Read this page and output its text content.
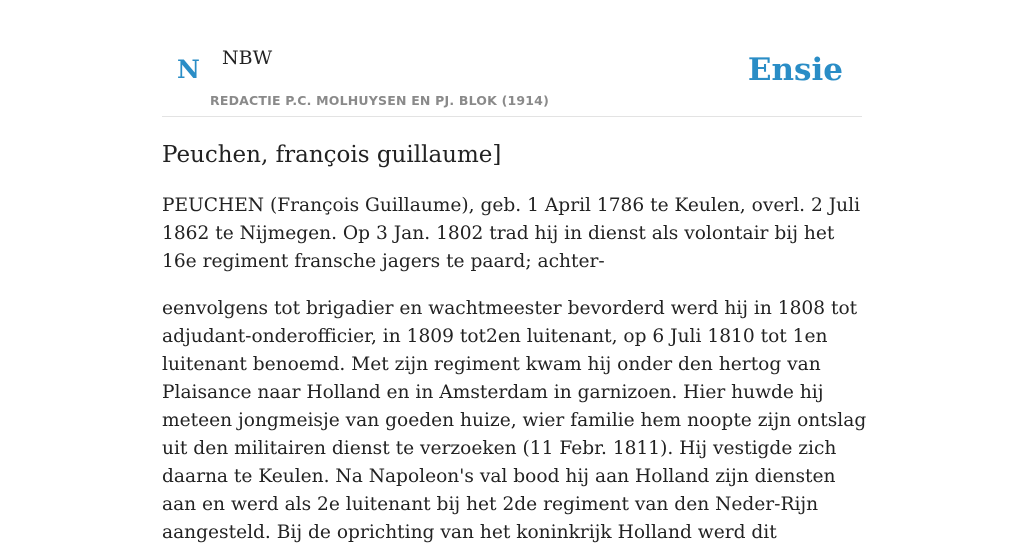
N NBW
REDACTIE P.C. MOLHUYSEN EN PJ. BLOK (1914)
Ensie
Peuchen, françois guillaume]

PEUCHEN (François Guillaume), geb. 1 April 1786 te Keulen, overl. 2 Juli 1862 te Nijmegen. Op 3 Jan. 1802 trad hij in dienst als volontair bij het 16e regiment fransche jagers te paard; achter-

eenvolgens tot brigadier en wachtmeester bevorderd werd hij in 1808 tot adjudant-onderofficier, in 1809 tot2en luitenant, op 6 Juli 1810 tot 1en luitenant benoemd. Met zijn regiment kwam hij onder den hertog van Plaisance naar Holland en in Amsterdam in garnizoen. Hier huwde hij meteen jongmeisje van goeden huize, wier familie hem noopte zijn ontslag uit den militairen dienst te verzoeken (11 Febr. 1811). Hij vestigde zich daarna te Keulen. Na Napoleon's val bood hij aan Holland zijn diensten aan en werd als 2e luitenant bij het 2de regiment van den Neder-Rijn aangesteld. Bij de oprichting van het koninkrijk Holland werd dit
